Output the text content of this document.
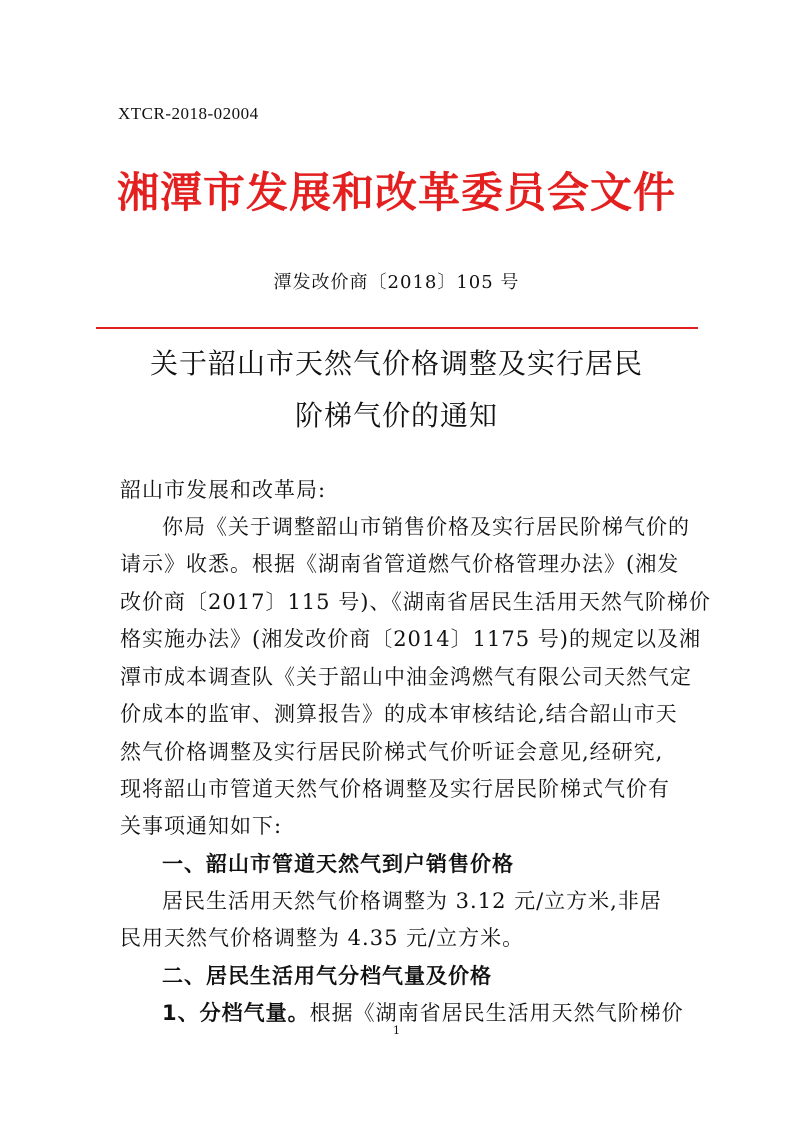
XTCR-2018-02004
湘潭市发展和改革委员会文件
潭发改价商〔2018〕105 号
关于韶山市天然气价格调整及实行居民
阶梯气价的通知
韶山市发展和改革局:
你局《关于调整韶山市销售价格及实行居民阶梯气价的
请示》收悉。根据《湖南省管道燃气价格管理办法》(湘发
改价商〔2017〕115 号)、《湖南省居民生活用天然气阶梯价
格实施办法》(湘发改价商〔2014〕1175 号)的规定以及湘
潭市成本调查队《关于韶山中油金鸿燃气有限公司天然气定
价成本的监审、测算报告》的成本审核结论,结合韶山市天
然气价格调整及实行居民阶梯式气价听证会意见,经研究,
现将韶山市管道天然气价格调整及实行居民阶梯式气价有
关事项通知如下:
一、韶山市管道天然气到户销售价格
居民生活用天然气价格调整为 3.12 元/立方米,非居
民用天然气价格调整为 4.35 元/立方米。
二、居民生活用气分档气量及价格
1、分档气量。根据《湖南省居民生活用天然气阶梯价
1
